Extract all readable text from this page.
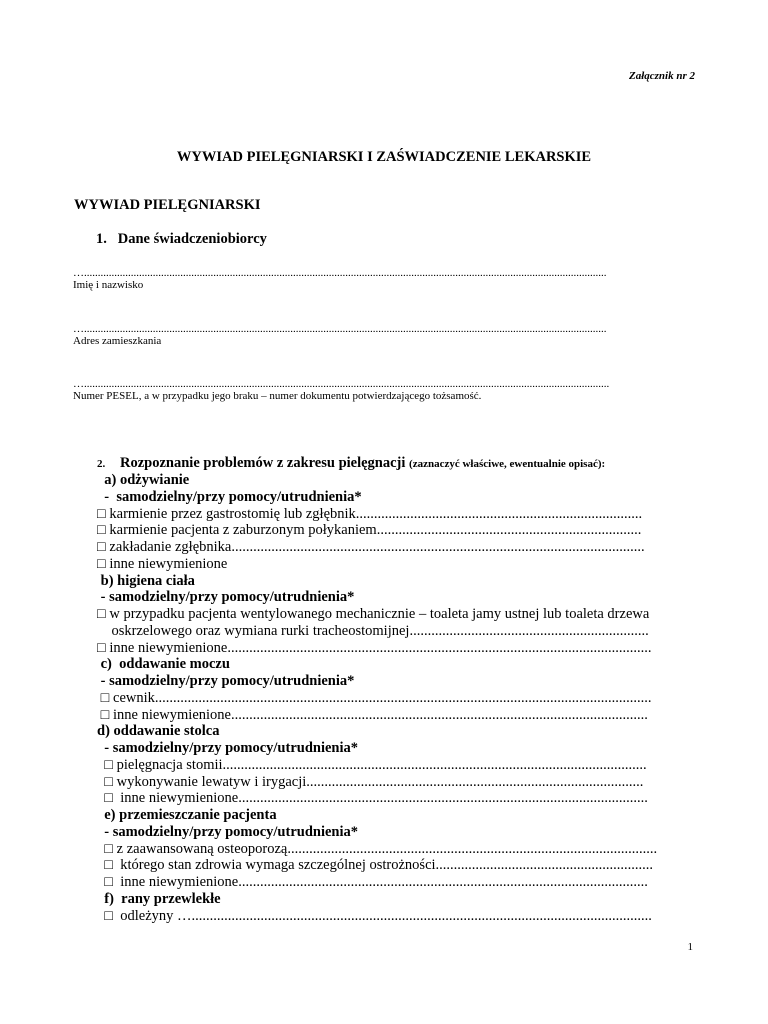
Załącznik nr 2
WYWIAD PIELĘGNIARSKI I ZAŚWIADCZENIE LEKARSKIE
WYWIAD PIELĘGNIARSKI
1.   Dane świadczeniobiorcy
…..............................................................................................................................................................................................
Imię i nazwisko
…..............................................................................................................................................................................................
Adres zamieszkania
…...............................................................................................................................................................................................
Numer PESEL, a w przypadku jego braku – numer dokumentu potwierdzającego tożsamość.
2. Rozpoznanie problemów z zakresu pielęgnacji (zaznaczyć właściwe, ewentualnie opisać):
a) odżywianie
-  samodzielny/przy pomocy/utrudnienia*
□ karmienie przez gastrostomię lub zgłębnik...............................................................................
□ karmienie pacjenta z zaburzonym połykaniem.........................................................................
□ zakładanie zgłębnika..................................................................................................................
□ inne niewymienione
b) higiena ciała
- samodzielny/przy pomocy/utrudnienia*
□ w przypadku pacjenta wentylowanego mechanicznie – toaleta jamy ustnej lub toaleta drzewa
oskrzelowego oraz wymiana rurki tracheostomijnej..................................................................
□ inne niewymienione.....................................................................................................................
c)  oddawanie moczu
- samodzielny/przy pomocy/utrudnienia*
□ cewnik.........................................................................................................................................
□ inne niewymienione...................................................................................................................
d) oddawanie stolca
- samodzielny/przy pomocy/utrudnienia*
□ pielęgnacja stomii.....................................................................................................................
□ wykonywanie lewatyw i irygacji.............................................................................................
□  inne niewymienione.................................................................................................................
e) przemieszczanie pacjenta
- samodzielny/przy pomocy/utrudnienia*
□ z zaawansowaną osteoporozą......................................................................................................
□  którego stan zdrowia wymaga szczególnej ostrożności............................................................
□  inne niewymienione.................................................................................................................
f)  rany przewlekłe
□  odleżyny …...............................................................................................................................
1
